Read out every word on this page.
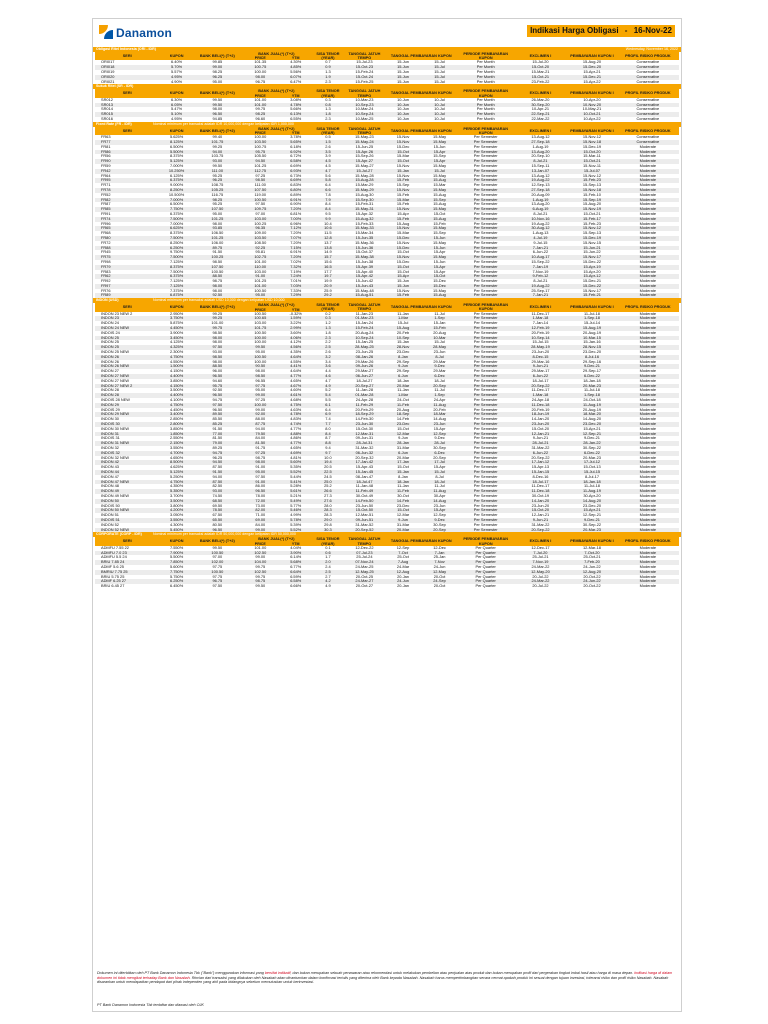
Danamon	Indikasi Harga Obligasi - 16-Nov-22
Obligasi Ritel Indonesia (ORI - IDR)	Wednesday, November 16, 2022
SERI	KUPON	BANK BELI(*) (T+2)	BANK JUAL(*) (T+2)		SISA TENOR (YEAR)	TANGGAL JATUH TEMPO	TANGGAL PEMBAYARAN KUPON		PERIODE PEMBAYARAN KUPON	EXCLIMEN I	PEMBAYARAN KUPON I	PROFIL RISIKO PRODUK
			PRICE	YTM								
ORI017	6.40%	99.85	101.35	4.30%	0.7	15-Jul-23	15-Jun	15-Jul	Per Month	15-Jul-20	15-Aug-20	Conservative
ORI018	5.70%	99.00	100.75	4.85%	0.9	15-Oct-23	15-Jun	15-Jul	Per Month	15-Oct-20	15-Dec-20	Conservative
ORI019	5.57%	98.25	100.00	5.56%	1.3	15-Feb-24	15-Jun	15-Jul	Per Month	15-Mar-21	15-Apr-21	Conservative
ORI020	4.95%	96.25	98.00	6.07%	1.9	15-Oct-24	15-Jun	15-Jul	Per Month	15-Oct-21	15-Dec-21	Conservative
ORI021	4.90%	95.00	96.75	6.47%	2.3	15-Feb-25	15-Jun	15-Jul	Per Month	23-Feb-22	15-Apr-22	Conservative
Sukuk Ritel (SR - IDR)
SERI	KUPON	BANK BELI(*) (T+2)	BANK JUAL(*) (T+2)		SISA TENOR (YEAR)	TANGGAL JATUH TEMPO	TANGGAL PEMBAYARAN KUPON		PERIODE PEMBAYARAN KUPON	EXCLIMEN I	PEMBAYARAN KUPON I	PROFIL RISIKO PRODUK
			PRICE	YTM								
SR012	6.30%	99.50	101.00	3.08%	0.3	10-Mar-23	10-Jun	10-Jul	Per Month	26-Mar-20	10-Apr-20	Conservative
SR013	6.05%	99.50	101.00	4.78%	0.8	10-Sep-23	10-Jun	10-Jul	Per Month	30-Sep-20	10-Nov-20	Conservative
SR014	5.47%	98.00	99.75	5.66%	1.3	10-Mar-24	10-Jun	10-Jul	Per Month	10-Apr-21	10-May-21	Conservative
SR015	5.10%	96.50	98.25	6.13%	1.8	10-Sep-24	10-Jun	10-Jul	Per Month	22-Sep-21	10-Oct-21	Conservative
SR016	4.95%	94.85	96.60	6.55%	2.3	10-Mar-25	10-Jun	10-Jul	Per Month	22-Mar-22	10-Apr-22	Conservative
Fixed Rate (FR - IDR)	Nominal minimum per transaksi adalah IDR 10,000,000 dengan kelipatan IDR 1,000,000
SERI	KUPON	BANK BELI(*) (T+2)	BANK JUAL(*) (T+2)		SISA TENOR (YEAR)	TANGGAL JATUH TEMPO	TANGGAL PEMBAYARAN KUPON		PERIODE PEMBAYARAN KUPON	EXCLIMEN I	PEMBAYARAN KUPON I	PROFIL RISIKO PRODUK
			PRICE	YTM								
FR63	5.625%	99.40	100.00	3.78%	0.5	15-May-23	15-Nov	15-May	Per Semester	13-Aug-12	15-Nov-12	Conservative
FR77	8.125%	101.75	103.50	5.65%	1.5	15-May-24	15-Nov	15-May	Per Semester	27-Sep-18	15-Nov-18	Conservative
FR81	6.500%	99.25	100.75	6.18%	2.6	15-Jun-25	15-Dec	15-Jun	Per Semester	1-Aug-19	15-Dec-19	Moderate
FR86	5.500%	94.00	95.75	6.92%	3.5	15-Apr-26	15-Oct	15-Apr	Per Semester	13-Aug-20	15-Oct-20	Moderate
FR56	8.375%	103.75	105.50	6.72%	3.9	15-Sep-26	15-Mar	15-Sep	Per Semester	20-Sep-10	15-Mar-11	Moderate
FR90	5.125%	93.00	94.50	6.58%	4.5	15-Apr-27	15-Oct	15-Apr	Per Semester	8-Jul-21	15-Oct-21	Moderate
FR59	7.000%	99.50	101.25	6.69%	4.5	15-May-27	15-Nov	15-May	Per Semester	15-Sep-11	15-Nov-11	Moderate
FR42	10.250%	111.00	112.75	6.93%	4.7	15-Jul-27	15-Jan	15-Jul	Per Semester	13-Jan-07	15-Jul-07	Moderate
FR64	6.125%	95.25	97.25	6.73%	5.6	15-May-28	15-Nov	15-May	Per Semester	13-Aug-12	15-Nov-12	Moderate
FR95	6.375%	96.25	98.50	6.69%	5.8	15-Aug-28	15-Feb	15-Aug	Per Semester	19-Aug-22	15-Feb-23	Moderate
FR71	9.000%	108.75	111.00	6.83%	6.4	15-Mar-29	15-Sep	15-Mar	Per Semester	12-Sep-13	15-Sep-13	Moderate
FR78	8.250%	105.25	107.50	6.80%	6.6	15-May-29	15-Nov	15-May	Per Semester	27-Sep-18	15-Nov-18	Moderate
FR52	10.500%	116.75	119.00	6.89%	7.8	15-Aug-30	15-Feb	15-Aug	Per Semester	20-Aug-09	15-Feb-10	Moderate
FR82	7.000%	98.25	100.50	6.91%	7.9	15-Sep-30	15-Mar	15-Sep	Per Semester	1-Aug-19	15-Sep-19	Moderate
FR87	6.500%	95.25	97.50	6.90%	8.4	15-Feb-31	15-Feb	15-Aug	Per Semester	13-Aug-20	15-Aug-20	Moderate
FR85	7.750%	107.50	109.75	7.20%	8.4	15-May-31	15-Nov	15-May	Per Semester	6-Aug-19	15-Nov-19	Moderate
FR91	6.375%	95.00	97.00	6.81%	9.5	15-Apr-32	15-Apr	15-Oct	Per Semester	8-Jul-21	15-Oct-21	Moderate
FR74	7.500%	101.25	103.00	7.00%	9.9	15-Aug-32	15-Feb	15-Aug	Per Semester	10-Nov-16	15-Feb-17	Moderate
FR96	7.000%	98.00	100.25	6.96%	10.4	15-Feb-33	15-Aug	15-Feb	Per Semester	19-Aug-22	15-Feb-23	Moderate
FR65	6.625%	93.85	96.35	7.12%	10.6	15-May-33	15-Nov	15-May	Per Semester	30-Aug-12	15-Nov-12	Moderate
FR68	8.375%	106.50	109.00	7.20%	11.5	15-Mar-34	15-Mar	15-Sep	Per Semester	1-Aug-13	15-Sep-13	Moderate
FR80	7.500%	101.25	103.50	7.07%	12.8	15-Jun-35	15-Dec	15-Jun	Per Semester	4-Jul-19	15-Dec-19	Moderate
FR72	8.250%	106.00	108.50	7.20%	13.7	15-May-36	15-Nov	15-May	Per Semester	9-Jul-15	15-Nov-15	Moderate
FR88	6.250%	89.75	92.25	7.15%	13.8	15-Jun-36	15-Dec	15-Jun	Per Semester	7-Jan-21	15-Jun-21	Moderate
FR45	9.750%	91.50	95.81	6.91%	14.9	15-Oct-37	15-Oct	15-Apr	Per Semester	6-Jun-22	15-Jun-22	Moderate
FR75	7.500%	100.25	102.75	7.20%	15.7	15-May-38	15-Nov	15-May	Per Semester	10-Aug-17	15-Nov-17	Moderate
FR98	7.125%	98.50	101.00	7.02%	15.6	15-Jun-38	15-Dec	15-Jun	Per Semester	15-Sep-22	15-Dec-22	Moderate
FR79	8.375%	107.50	110.00	7.32%	16.5	15-Apr-39	15-Oct	15-Apr	Per Semester	7-Jan-19	15-Apr-19	Moderate
FR83	7.500%	100.50	103.00	7.19%	17.7	15-Apr-40	15-Oct	15-Apr	Per Semester	7-Nov-19	15-Apr-20	Moderate
FR62	6.375%	88.50	91.00	7.24%	19.7	15-Apr-42	15-Apr	15-Oct	Per Semester	9-Feb-12	15-Apr-12	Moderate
FR92	7.125%	98.75	101.25	7.01%	19.9	15-Jun-42	15-Jun	15-Dec	Per Semester	8-Jul-21	15-Dec-21	Moderate
FR97	7.125%	98.00	101.00	7.03%	20.9	15-Jun-43	15-Jun	15-Dec	Per Semester	19-Aug-22	15-Dec-22	Moderate
FR76	7.375%	98.00	100.50	7.33%	25.9	15-May-48	15-Nov	15-May	Per Semester	25-Sep-17	15-Nov-17	Moderate
FR89	6.875%	92.50	95.00	7.29%	29.2	15-Aug-51	15-Feb	15-Aug	Per Semester	7-Jan-21	15-Feb-21	Moderate
INDON (USD)	Nominal minimum per transaksi adalah USD 10,000 dengan kelipatan USD 10,000
SERI	KUPON	BANK BELI(*) (T+2)	BANK JUAL(*) (T+2)		SISA TENOR (YEAR)	TANGGAL JATUH TEMPO	TANGGAL PEMBAYARAN KUPON		PERIODE PEMBAYARAN KUPON	EXCLIMEN I	PEMBAYARAN KUPON I	PROFIL RISIKO PRODUK
			PRICE	YTM								
INDON 23 NEW 2	2.950%	99.25	100.50	-0.32%	0.2	11-Jan-23	11-Jan	11-Jul	Per Semester	11-Dec-17	11-Jul-18	Moderate
INDON 23	3.750%	99.25	100.65	1.59%	0.3	01-Mar-23	1-Mar	1-Sep	Per Semester	1-Mar-18	1-Sep-18	Moderate
INDON 24	5.875%	101.00	103.00	3.22%	1.2	15-Jan-24	15-Jul	15-Jan	Per Semester	7-Jan-14	15-Jul-14	Moderate
INDON 24 NEW	4.450%	99.75	101.75	2.99%	1.3	15-Feb-24	15-Aug	15-Feb	Per Semester	12-Feb-19	15-Aug-19	Moderate
INDOIS 24	3.900%	98.50	100.50	3.60%	1.8	20-Aug-24	20-Feb	20-Aug	Per Semester	20-Feb-19	20-Aug-19	Moderate
INDON 25	3.450%	98.00	100.00	4.06%	2.3	10-Sep-24	10-Sep	10-Mar	Per Semester	10-Sep-14	10-Mar-15	Moderate
INDON 25	4.125%	98.00	100.00	4.12%	2.2	15-Jan-25	15-Jan	15-Jul	Per Semester	15-Jul-15	15-Jan-16	Moderate
INDON 25	4.325%	97.50	99.50	4.56%	2.5	28-May-25	28-Nov	28-May	Per Semester	28-May-19	28-Nov-15	Moderate
INDON 25 NEW	2.300%	93.00	95.00	4.35%	2.6	23-Jun-25	23-Dec	23-Jun	Per Semester	23-Jun-20	23-Dec-20	Moderate
INDON 26	4.750%	98.50	100.50	4.64%	3.2	08-Jan-26	8-Jan	8-Jul	Per Semester	8-Dec-15	8-Jul-16	Moderate
INDON 26	4.550%	98.00	100.00	4.55%	3.4	29-Mar-26	29-Sep	29-Mar	Per Semester	29-Mar-16	29-Sep-16	Moderate
INDON 26 NEW	1.500%	88.50	90.50	4.41%	3.6	09-Jun-26	9-Jun	9-Dec	Per Semester	9-Jun-21	9-Dec-21	Moderate
INDON 27	4.150%	96.00	98.00	4.64%	4.4	29-Mar-27	29-Sep	29-Mar	Per Semester	29-Mar-17	29-Sep-17	Moderate
INDON 27 NEW	4.400%	96.50	98.50	4.77%	4.6	06-Jun-27	6-Jun	6-Dec	Per Semester	6-Jun-22	6-Dec-22	Moderate
INDON 27 NEW	3.850%	94.60	96.55	4.65%	4.7	18-Jul-27	18-Jan	18-Jul	Per Semester	18-Jul-17	18-Jan-18	Moderate
INDON 27 NEW 2	4.150%	95.75	97.75	4.67%	4.9	20-Sep-27	20-Mar	20-Sep	Per Semester	20-Sep-22	20-Mar-23	Moderate
INDON 28	3.500%	92.50	95.00	4.60%	5.2	11-Jan-28	11-Jan	11-Jul	Per Semester	11-Dec-17	11-Jul-18	Moderate
INDON 28	4.400%	96.50	99.00	4.61%	5.4	01-Mar-28	1-Mar	1-Sep	Per Semester	1-Mar-18	1-Sep-18	Moderate
INDOIS 28 NEW	4.100%	94.75	97.25	4.68%	5.5	24-Apr-28	24-Oct	24-Apr	Per Semester	24-Apr-18	24-Oct-18	Moderate
INDON 29	4.750%	97.50	100.00	4.75%	6.1	11-Feb-29	11-Feb	11-Aug	Per Semester	11-Dec-18	11-Aug-19	Moderate
INDOIS 29	4.450%	96.50	99.00	4.63%	6.4	20-Feb-29	20-Aug	20-Feb	Per Semester	20-Feb-19	20-Aug-19	Moderate
INDON 29 NEW	3.400%	89.50	92.00	4.78%	6.9	18-Sep-29	18-Sep	18-Mar	Per Semester	18-Jun-19	18-Mar-20	Moderate
INDON 30	2.850%	85.50	88.00	4.83%	7.4	14-Feb-30	14-Feb	14-Aug	Per Semester	14-Jan-20	14-Aug-20	Moderate
INDOIS 30	2.800%	85.25	87.75	4.74%	7.7	23-Jun-30	23-Dec	23-Jun	Per Semester	23-Jun-20	23-Dec-20	Moderate
INDON 30 NEW	3.850%	91.50	94.00	4.77%	8.0	15-Oct-30	15-Oct	15-Apr	Per Semester	15-Oct-20	15-Apr-21	Moderate
INDON 31	1.850%	77.00	79.50	4.88%	8.4	12-Mar-31	12-Mar	12-Sep	Per Semester	12-Jan-21	12-Sep-21	Moderate
INDOIS 31	2.550%	81.50	84.00	4.86%	8.7	09-Jun-31	9-Jun	9-Dec	Per Semester	9-Jun-21	9-Dec-21	Moderate
INDON 31 NEW	2.150%	79.00	81.50	4.77%	8.8	28-Jul-31	28-Jan	28-Jul	Per Semester	28-Jul-21	28-Jan-22	Moderate
INDON 32	3.550%	89.25	91.75	4.65%	9.4	31-Mar-32	31-Mar	30-Sep	Per Semester	31-Mar-22	30-Sep-22	Moderate
INDOIS 32	4.700%	94.75	97.25	4.69%	9.7	06-Jun-32	6-Jun	6-Dec	Per Semester	6-Jun-22	6-Dec-22	Moderate
INDON 32 NEW	4.650%	96.25	98.75	4.81%	10.0	20-Sep-32	20-Mar	20-Sep	Per Semester	20-Sep-22	20-Mar-23	Moderate
INDON 42	8.500%	94.50	98.00	5.60%	19.4	17-Jan-42	17-Jan	17-Jul	Per Semester	17-Jan-12	17-Jul-12	Moderate
INDON 43	4.625%	87.50	91.00	5.35%	20.5	15-Apr-43	15-Oct	15-Apr	Per Semester	15-Apr-13	15-Oct-13	Moderate
INDON 44	5.125%	91.50	95.00	5.52%	22.5	15-Jan-45	15-Jan	15-Jul	Per Semester	15-Jan-15	15-Jul-15	Moderate
INDON 47	5.250%	94.00	97.50	5.44%	24.5	08-Jan-47	8-Jan	8-Jul	Per Semester	8-Dec-16	8-Jul-17	Moderate
INDON 47 NEW	4.750%	87.50	91.00	5.41%	25.0	18-Jul-47	18-Jan	18-Jul	Per Semester	18-Jul-17	18-Jan-18	Moderate
INDON 48	4.350%	82.50	86.00	5.28%	25.2	11-Jan-48	11-Jan	11-Jul	Per Semester	11-Dec-17	11-Jul-18	Moderate
INDON 49	5.350%	93.00	96.50	5.61%	26.6	11-Feb-49	11-Feb	11-Aug	Per Semester	11-Dec-18	11-Aug-19	Moderate
INDON 49 NEW	3.700%	74.50	78.00	5.21%	27.3	30-Oct-49	30-Oct	30-Apr	Per Semester	30-Oct-19	30-Apr-20	Moderate
INDON 50	3.500%	68.50	72.00	5.49%	27.6	14-Feb-50	14-Feb	14-Aug	Per Semester	14-Jan-20	14-Aug-20	Moderate
INDOIS 50	3.800%	69.50	73.00	5.77%	28.0	23-Jun-50	23-Dec	23-Jun	Per Semester	23-Jun-20	23-Dec-20	Moderate
INDON 50 NEW	4.200%	78.50	82.00	5.46%	28.3	15-Oct-50	15-Oct	15-Apr	Per Semester	15-Oct-20	15-Apr-21	Moderate
INDON 51	3.050%	67.50	71.00	4.99%	28.3	12-Mar-51	12-Mar	12-Sep	Per Semester	12-Jan-21	12-Sep-21	Moderate
INDOIS 51	3.550%	65.50	69.00	5.78%	29.0	09-Jun-51	9-Jun	9-Dec	Per Semester	9-Jun-21	9-Dec-21	Moderate
INDON 52	4.300%	80.50	84.00	5.39%	29.8	31-Mar-52	31-Mar	30-Sep	Per Semester	31-Mar-22	30-Sep-22	Moderate
INDON 52 NEW	5.450%	96.50	99.00	5.52%	30.3	20-Sep-52	20-Mar	20-Sep	Per Semester	20-Sep-22	20-Mar-23	Moderate
CORPORATE (CORP - IDR)	Nominal minimum per transaksi adalah IDR 50,000,000 dengan kelipatan IDR 50,000,000
SERI	KUPON	BANK BELI(*) (T+2)	BANK JUAL(*) (T+2)		SISA TENOR (YEAR)	TANGGAL JATUH TEMPO	TANGGAL PEMBAYARAN KUPON		PERIODE PEMBAYARAN KUPON	EXCLIMEN I	PEMBAYARAN KUPON I	PROFIL RISIKO PRODUK
			PRICE	YTM								
ADMFU 7.55 22	7.550%	99.50	101.00	4.04%	0.1	12-Dec-22	12-Sep	12-Dec	Per Quarter	12-Dec-17	12-Mar-18	Moderate
ADMFU 7.0 23	7.900%	100.50	102.50	3.90%	0.6	07-Jul-23	7-Oct	7-Jan	Per Quarter	7-Jul-20	7-Oct-20	Moderate
ADMFU 5.5 24	5.500%	97.00	99.00	6.14%	1.7	25-Jul-24	25-Oct	25-Jan	Per Quarter	25-Jul-21	25-Oct-21	Moderate
BRIU 7.85 24	7.850%	102.00	104.00	5.68%	2.0	07-Nov-24	7-Aug	7-Nov	Per Quarter	7-Nov-19	7-Feb-20	Moderate
ADMF 5.6 25	5.600%	97.75	99.75	6.77%	2.4	24-Mar-25	24-Mar	24-Jun	Per Quarter	24-Mar-22	24-Jun-22	Moderate
BMRIU 7.75 25	7.750%	100.50	102.50	6.64%	2.5	12-May-25	12-Aug	12-May	Per Quarter	12-May-20	12-Aug-20	Moderate
BRIU 5.75 25	5.750%	97.75	99.75	6.59%	2.7	20-Oct-25	20-Jan	20-Oct	Per Quarter	20-Jul-22	20-Oct-22	Moderate
ADMF 6.25 27	6.250%	96.75	98.75	6.58%	4.2	24-Mar-27	24-Jun	24-Sep	Per Quarter	24-Mar-22	24-Jun-22	Moderate
BRIU 6.45 27	6.450%	97.50	99.50	6.66%	4.9	20-Oct-27	20-Jan	20-Oct	Per Quarter	20-Jul-22	20-Oct-22	Moderate
Dokumen ini diterbitkan oleh PT Bank Danamon Indonesia Tbk ("Bank") menggunakan informasi yang bersifat indikatif, dan bukan merupakan sebuah penawaran atau rekomendasi untuk melakukan pembelian atau penjualan atas produk dan bukan merupakan profil dari pergerakan tingkat imbal hasil atau harga di masa depan. Indikasi harga di dalam dokumen ini tidak mengikat terhadap Bank dan Nasabah. Rincian dari transaksi yang dilakukan oleh Nasabah akan dicantumkan dalam konfirmasi tertulis yang diterima oleh Bank kepada Nasabah. Nasabah harus mempertimbangkan secara cermat apakah produk ini sesuai dengan tujuan investasi, toleransi risiko dan profil risiko Nasabah. Nasabah disarankan untuk mendapatkan pendapat dari pihak independen yang ahli pada bidangnya sebelum memutuskan untuk berinvestasi.
PT Bank Danamon Indonesia Tbk terdaftar dan diawasi oleh OJK
